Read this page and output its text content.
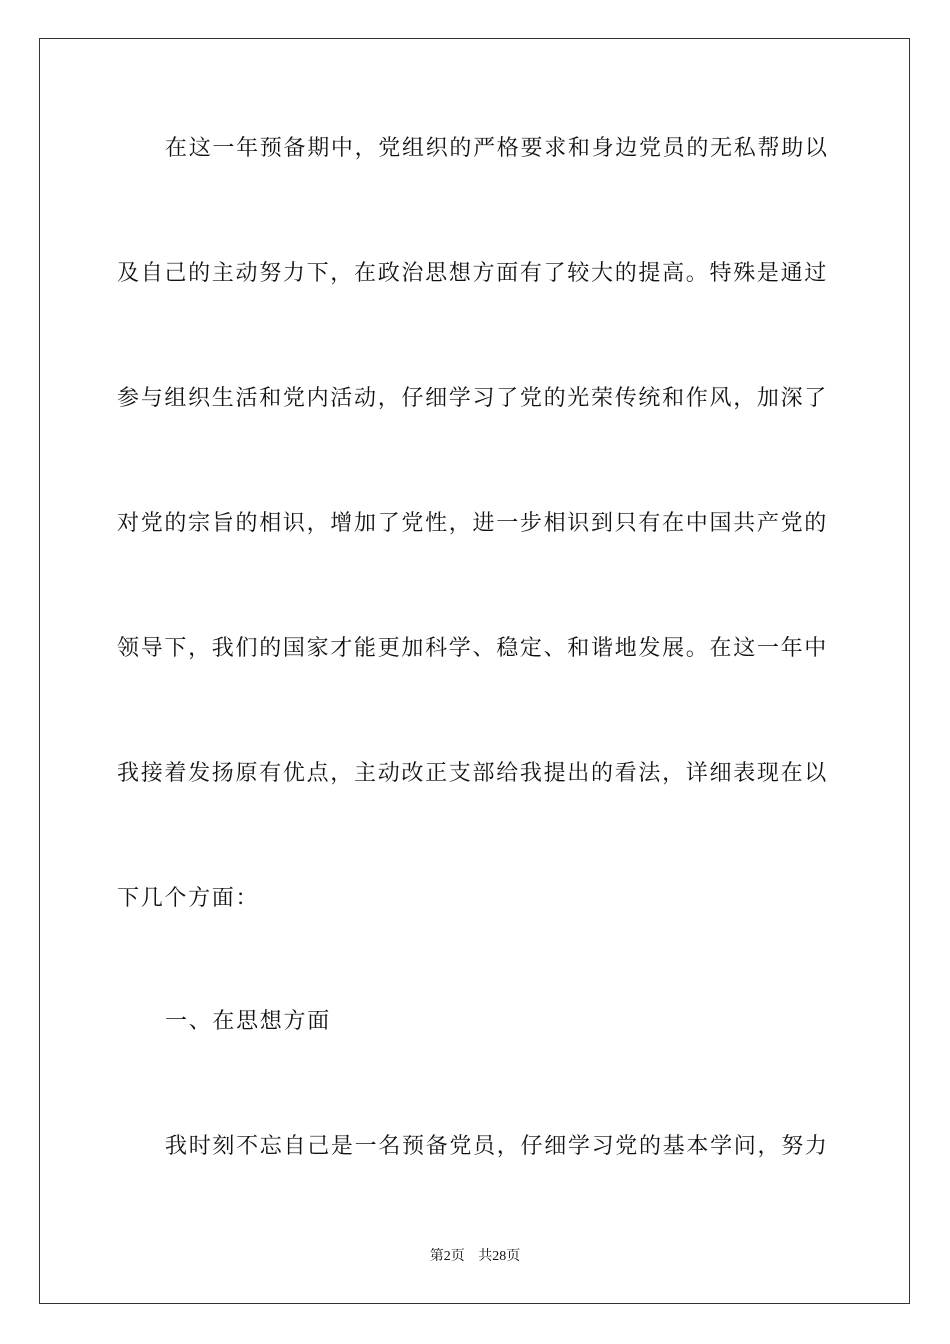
在这一年预备期中，党组织的严格要求和身边党员的无私帮助以
及自己的主动努力下，在政治思想方面有了较大的提高。特殊是通过
参与组织生活和党内活动，仔细学习了党的光荣传统和作风，加深了
对党的宗旨的相识，增加了党性，进一步相识到只有在中国共产党的
领导下，我们的国家才能更加科学、稳定、和谐地发展。在这一年中
我接着发扬原有优点，主动改正支部给我提出的看法，详细表现在以
下几个方面：
一、在思想方面
我时刻不忘自己是一名预备党员，仔细学习党的基本学问，努力
第2页 共28页
